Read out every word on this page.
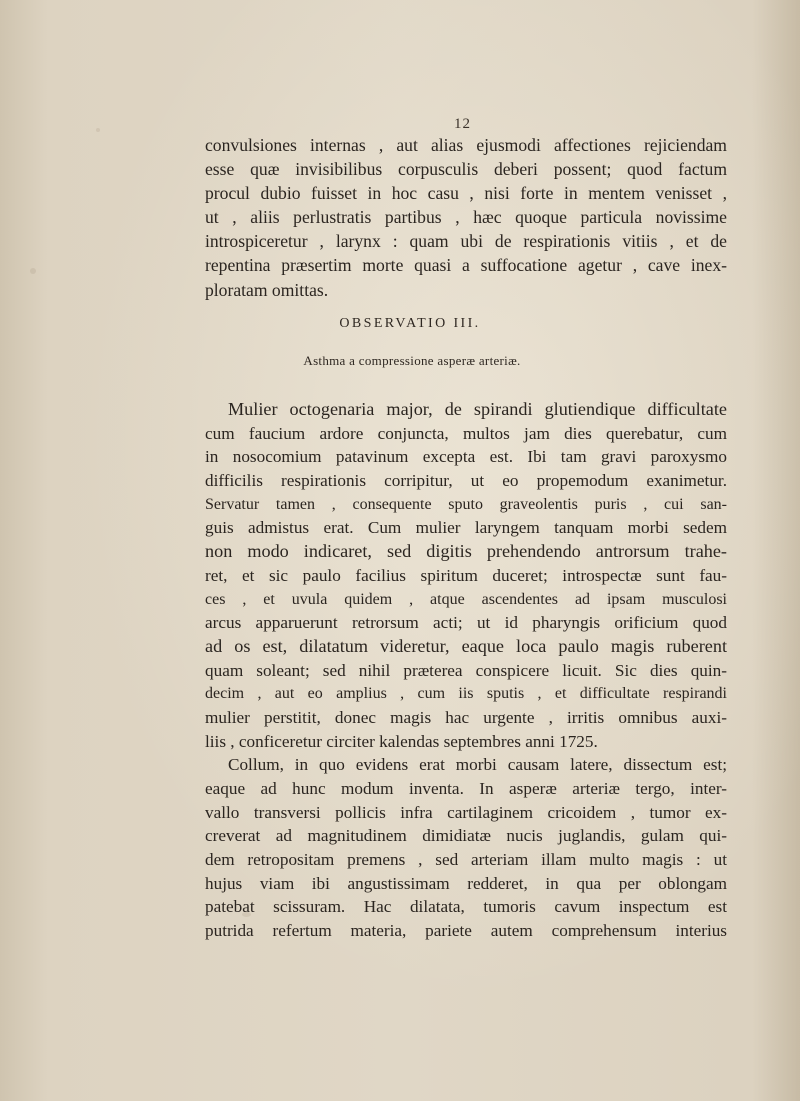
12
convulsiones internas , aut alias ejusmodi affectiones rejiciendam
esse quæ invisibilibus corpusculis deberi possent; quod factum
procul dubio fuisset in hoc casu , nisi forte in mentem venisset ,
ut , aliis perlustratis partibus , hæc quoque particula novissime
introspiceretur , larynx : quam ubi de respirationis vitiis , et de
repentina præsertim morte quasi a suffocatione agetur , cave inex-
ploratam omittas.
OBSERVATIO III.
Asthma a compressione asperæ arteriæ.
Mulier octogenaria major, de spirandi glutiendique difficultate
cum faucium ardore conjuncta, multos jam dies querebatur, cum
in nosocomium patavinum excepta est. Ibi tam gravi paroxysmo
difficilis respirationis corripitur, ut eo propemodum exanimetur.
Servatur tamen , consequente sputo graveolentis puris , cui san-
guis admistus erat. Cum mulier laryngem tanquam morbi sedem
non modo indicaret, sed digitis prehendendo antrorsum trahe-
ret, et sic paulo facilius spiritum duceret; introspectæ sunt fau-
ces , et uvula quidem , atque ascendentes ad ipsam musculosi
arcus apparuerunt retrorsum acti; ut id pharyngis orificium quod
ad os est, dilatatum videretur, eaque loca paulo magis ruberent
quam soleant; sed nihil præterea conspicere licuit. Sic dies quin-
decim , aut eo amplius , cum iis sputis , et difficultate respirandi
mulier perstitit, donec magis hac urgente , irritis omnibus auxi-
liis , conficeretur circiter kalendas septembres anni 1725.
Collum, in quo evidens erat morbi causam latere, dissectum est;
eaque ad hunc modum inventa. In asperæ arteriæ tergo, inter-
vallo transversi pollicis infra cartilaginem cricoidem , tumor ex-
creverat ad magnitudinem dimidiatæ nucis juglandis, gulam qui-
dem retropositam premens , sed arteriam illam multo magis : ut
hujus viam ibi angustissimam redderet, in qua per oblongam
patebat scissuram. Hac dilatata, tumoris cavum inspectum est
putrida refertum materia, pariete autem comprehensum interius
